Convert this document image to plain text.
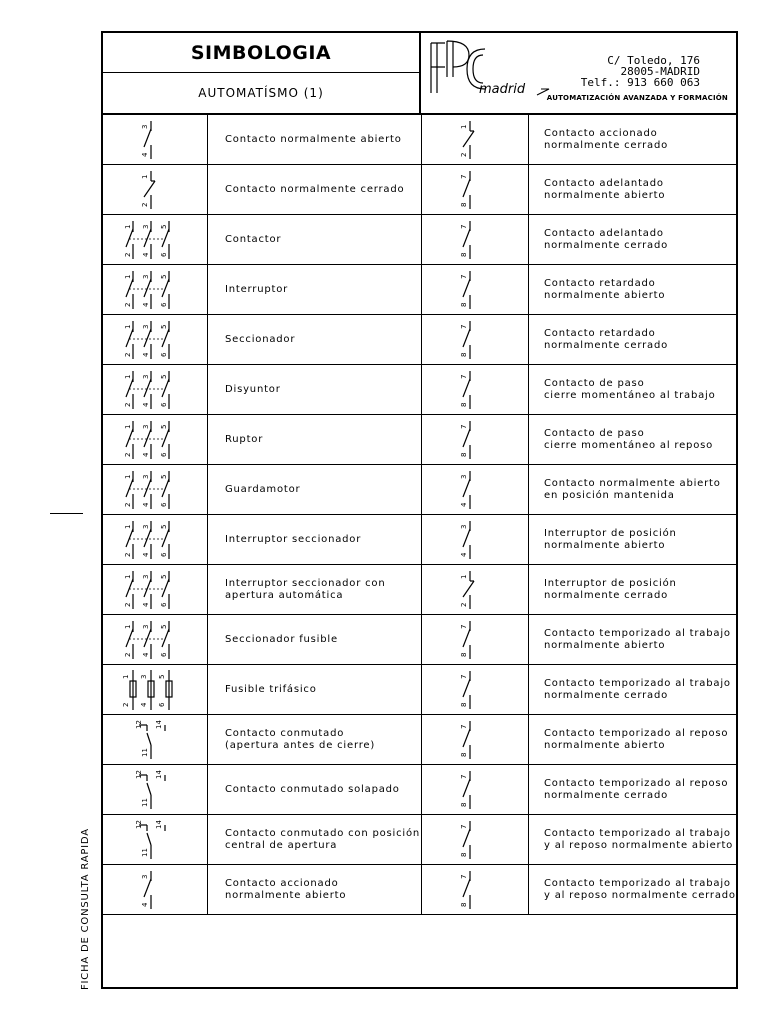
SIMBOLOGIA
AUTOMATÍSMO (1)	madrid
C/ Toledo, 176
28005-MADRID
Telf.: 913 660 063
AUTOMATIZACIÓN AVANZADA Y FORMACIÓN
3
4
Contacto normalmente abierto
1
2
Contacto accionado
normalmente cerrado
1
2
Contacto normalmente cerrado
7
8
Contacto adelantado
normalmente abierto
1
2
3
4
5
6
Contactor
7
8
Contacto adelantado
normalmente cerrado
1
2
3
4
5
6
Interruptor
7
8
Contacto retardado
normalmente abierto
1
2
3
4
5
6
Seccionador
7
8
Contacto retardado
normalmente cerrado
1
2
3
4
5
6
Disyuntor
7
8
Contacto de paso
cierre momentáneo al trabajo
1
2
3
4
5
6
Ruptor
7
8
Contacto de paso
cierre momentáneo al reposo
1
2
3
4
5
6
Guardamotor
3
4
Contacto normalmente abierto
en posición mantenida
1
2
3
4
5
6
Interruptor seccionador
3
4
Interruptor de posición
normalmente abierto
1
2
3
4
5
6
Interruptor seccionador con
apertura automática
1
2
Interruptor de posición
normalmente cerrado
1
2
3
4
5
6
Seccionador fusible
7
8
Contacto temporizado al trabajo
normalmente abierto
1
2
3
4
5
6
Fusible trifásico
7
8
Contacto temporizado al trabajo
normalmente cerrado
12 14
11
Contacto conmutado
(apertura antes de cierre)
7
8
Contacto temporizado al reposo
normalmente abierto
12 14
11
Contacto conmutado solapado
7
8
Contacto temporizado al reposo
normalmente cerrado
12 14
11
Contacto conmutado con posición
central de apertura
7
8
Contacto temporizado al trabajo
y al reposo normalmente abierto
3
4
Contacto accionado
normalmente abierto
7
8
Contacto temporizado al trabajo
y al reposo normalmente cerrado
FICHA DE CONSULTA RAPIDA
